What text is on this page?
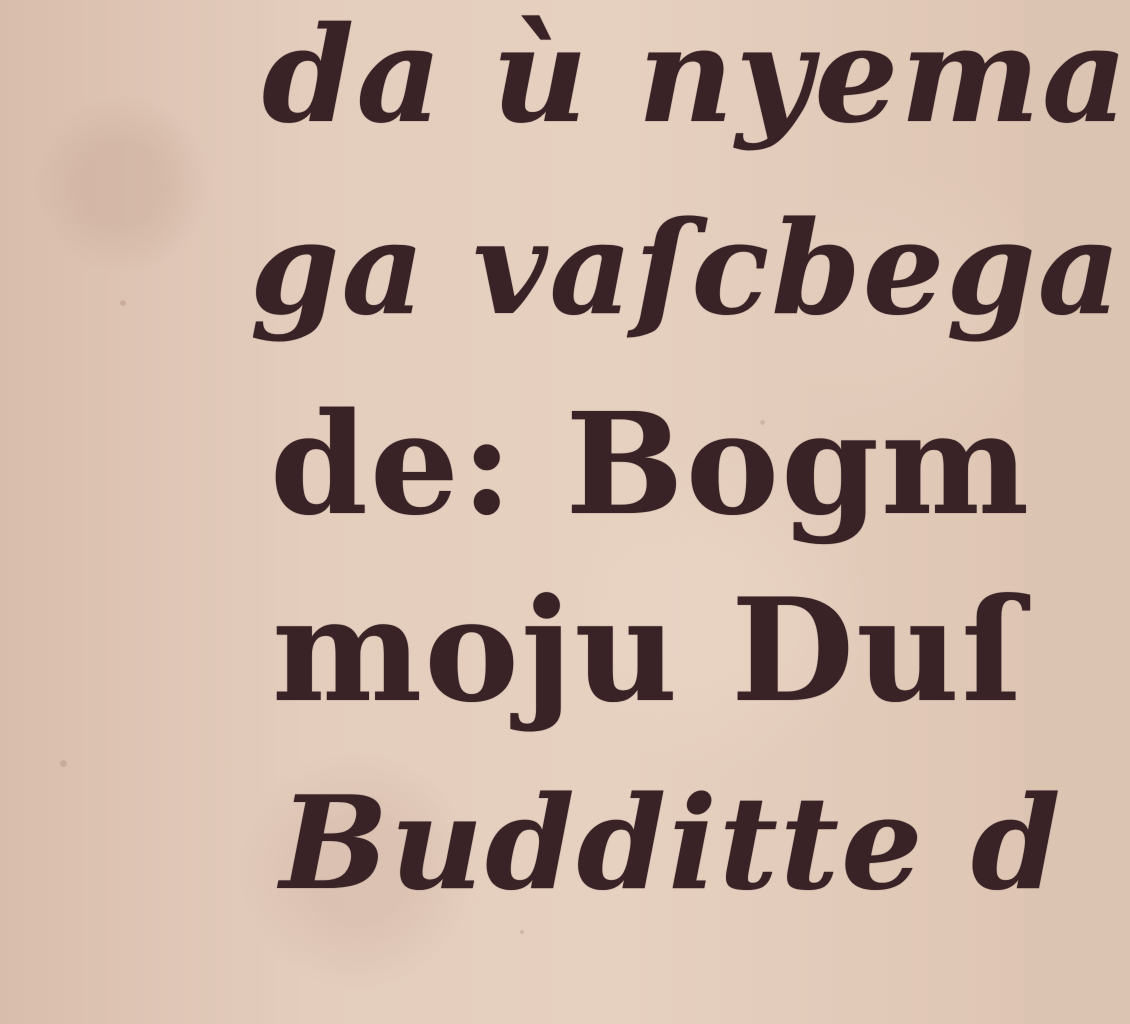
da ù nyema
ga vaſcbega
de: Bogm
moju Duſ
Budditte d
